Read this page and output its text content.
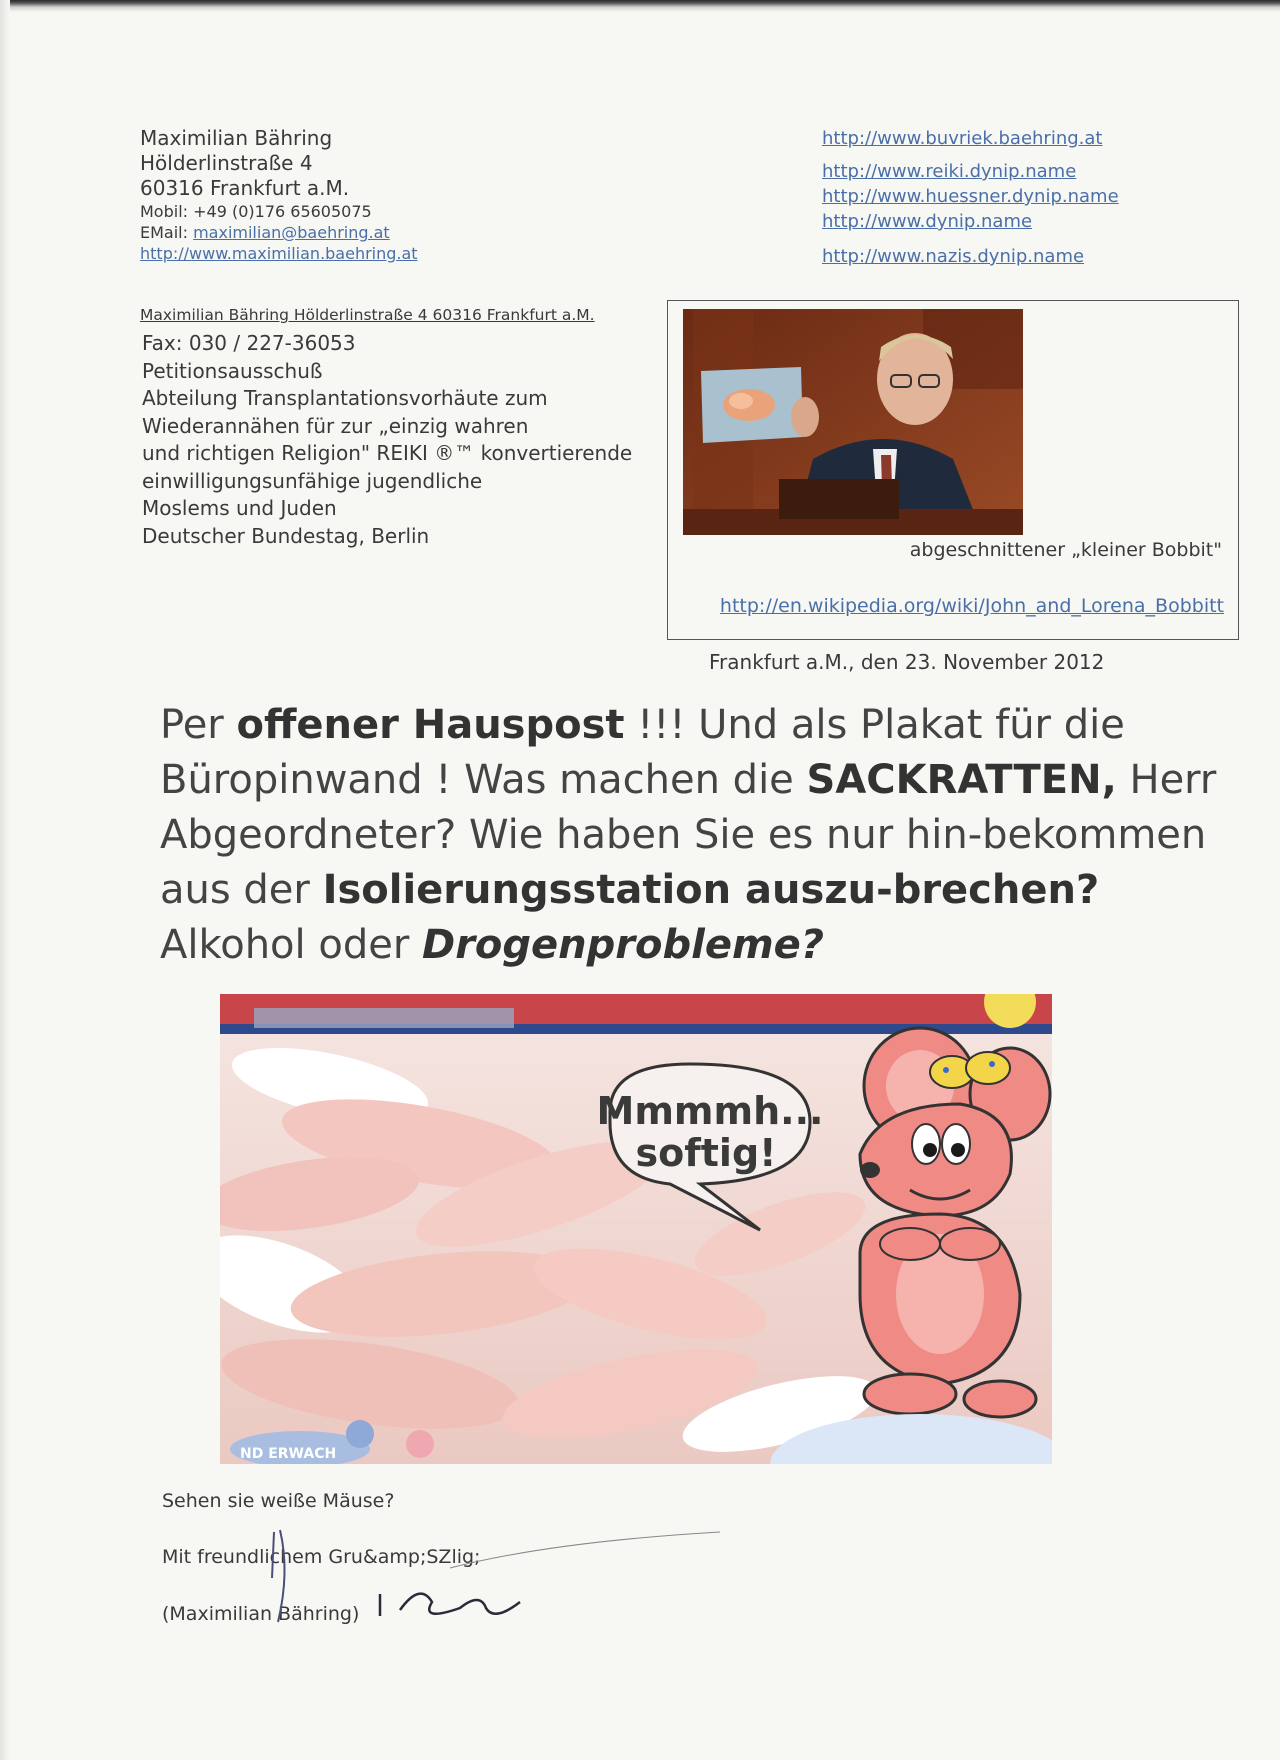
Maximilian Bähring
Hölderlinstraße 4
60316 Frankfurt a.M.
Mobil: +49 (0)176 65605075
EMail: maximilian@baehring.at
http://www.maximilian.baehring.at
http://www.buvriek.baehring.at
http://www.reiki.dynip.name
http://www.huessner.dynip.name
http://www.dynip.name
http://www.nazis.dynip.name
Maximilian Bähring Hölderlinstraße 4 60316 Frankfurt a.M.
Fax: 030 / 227-36053
Petitionsausschuß
Abteilung Transplantationsvorhäute zum
Wiederannähen für zur „einzig wahren
und richtigen Religion" REIKI ®™ konvertierende
einwilligungsunfähige jugendliche
Moslems und Juden
Deutscher Bundestag, Berlin
abgeschnittener „kleiner Bobbit"
http://en.wikipedia.org/wiki/John_and_Lorena_Bobbitt
Frankfurt a.M., den 23. November 2012
Per offener Hauspost !!! Und als Plakat für die Büropinwand ! Was machen die SACKRATTEN, Herr Abgeordneter? Wie haben Sie es nur hin-bekommen aus der Isolierungsstation auszu-brechen? Alkohol oder Drogenprobleme?
Mmmmh...
softig!
ND ERWACH
Sehen sie weiße Mäuse?
Mit freundlichem Gru&amp;SZlig;
(Maximilian Bähring)
